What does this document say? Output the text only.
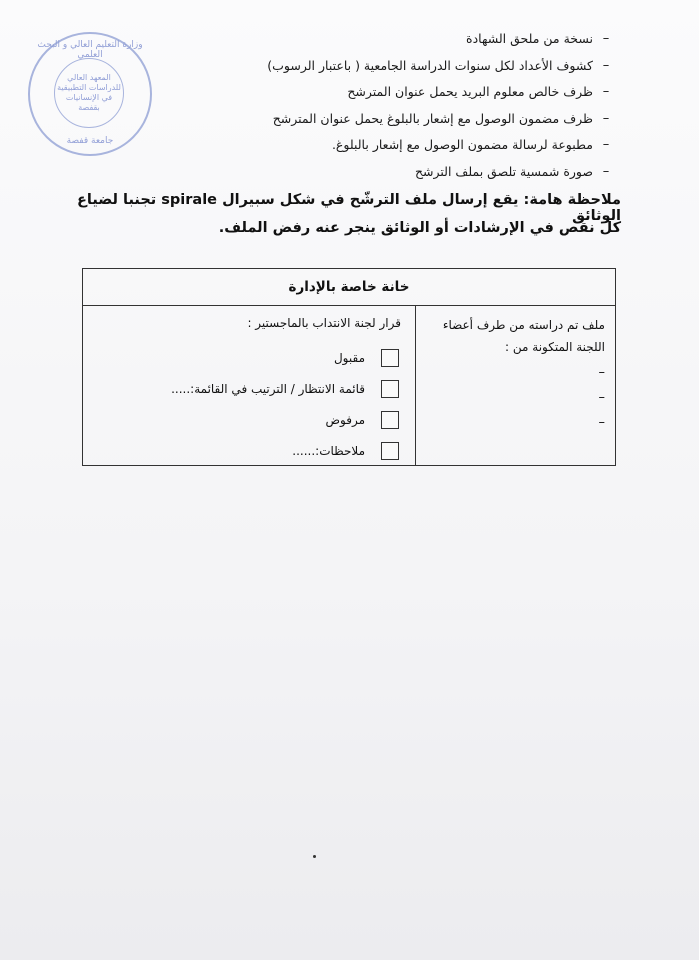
وزارة التعليم العالي و البحث العلمي
المعهد العالي
للدراسات التطبيقية
في الإنسانيات
بقفصة
جامعة قفصة
–
نسخة من ملحق الشهادة
–
كشوف الأعداد لكل سنوات الدراسة الجامعية ( باعتبار الرسوب)
–
ظرف خالص معلوم البريد يحمل عنوان المترشح
–
ظرف مضمون الوصول مع إشعار بالبلوغ يحمل عنوان المترشح
–
مطبوعة لرسالة مضمون الوصول مع إشعار بالبلوغ.
–
صورة شمسية تلصق بملف الترشح
ملاحظة هامة: يقع إرسال ملف الترشّح في شكل سبيرال spirale تجنبا لضياع الوثائق
كل نقص في الإرشادات أو الوثائق ينجر عنه رفض الملف.
خانة خاصة بالإدارة
ملف تم دراسته من طرف أعضاء اللجنة المتكونة من :
–
–
–
قرار لجنة الانتداب بالماجستير :
مقبول
قائمة الانتظار / الترتيب في القائمة:.....
مرفوض
ملاحظات:......
